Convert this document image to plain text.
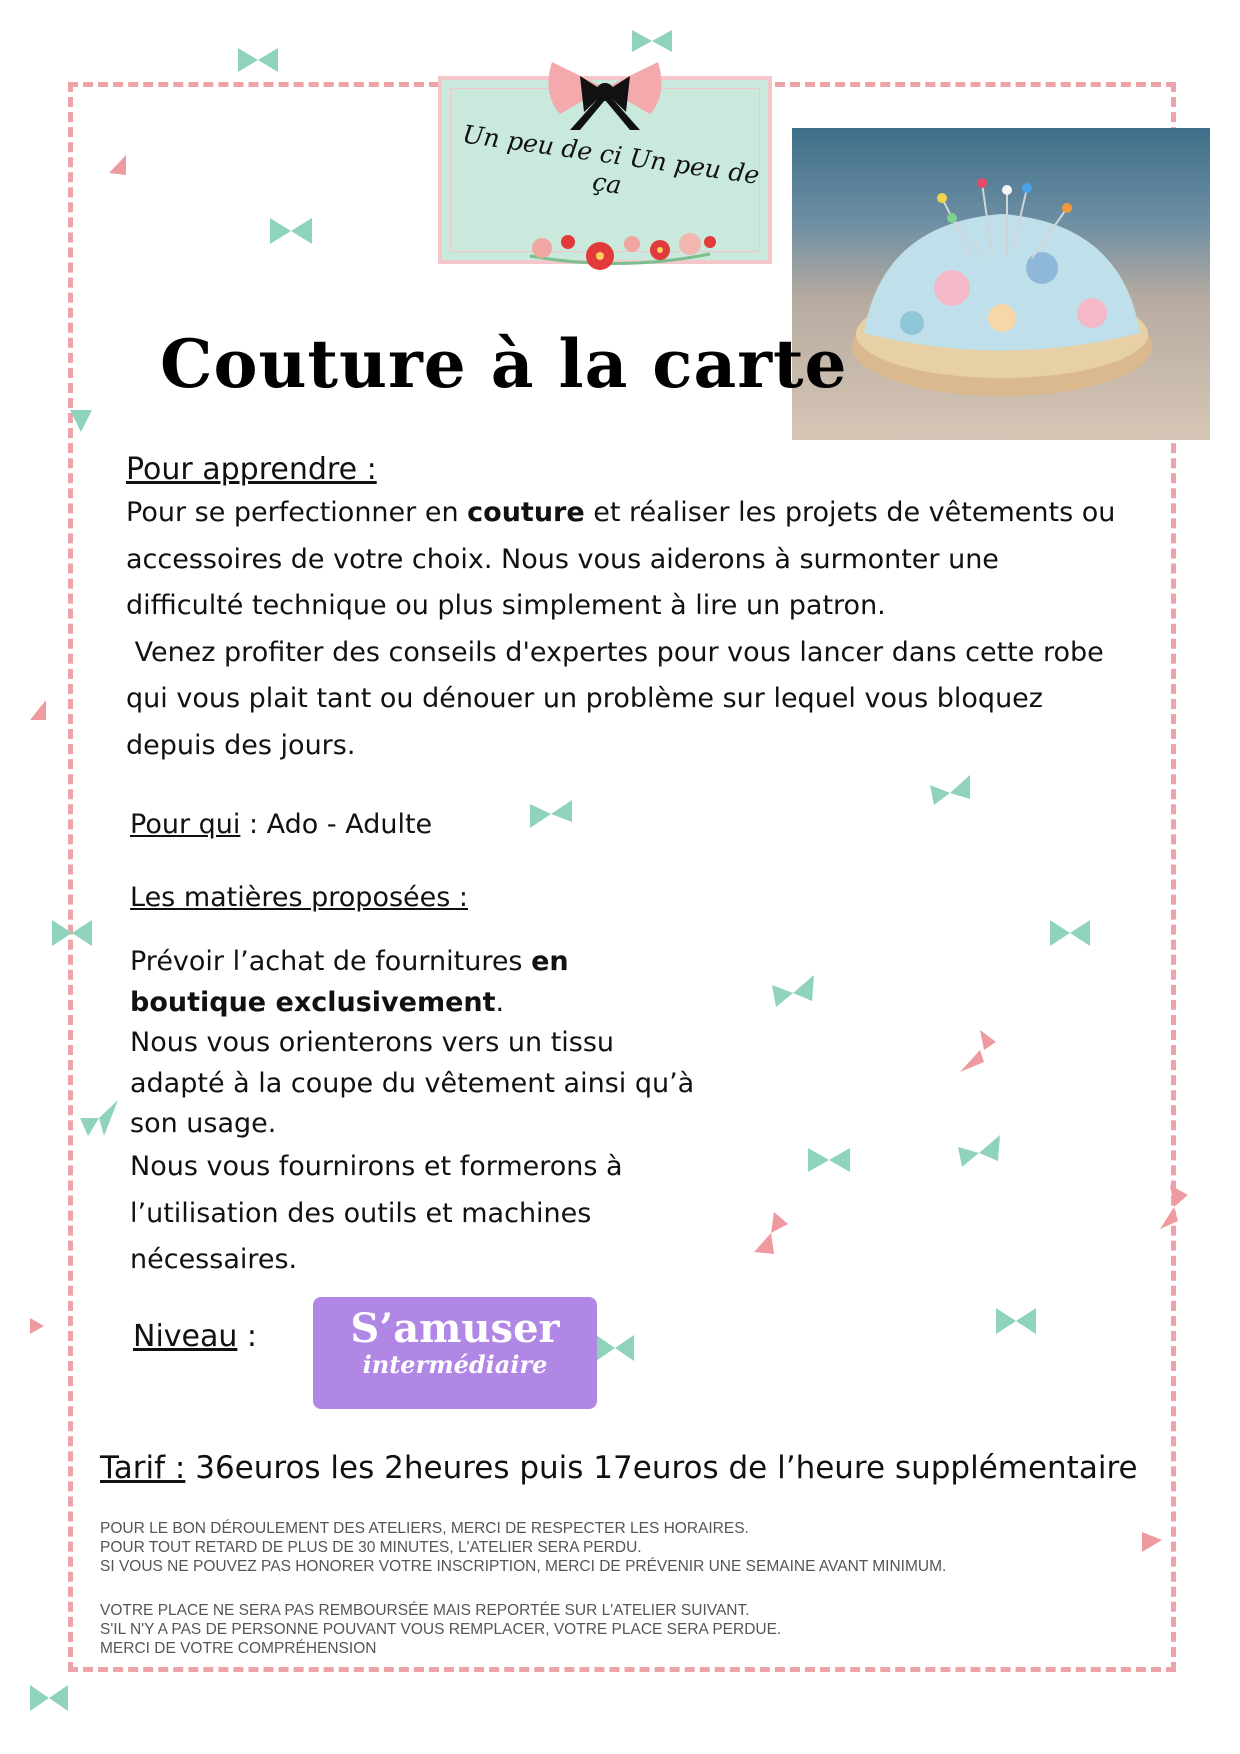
Un peu de ci Un peu de ça
Couture à la carte
Pour apprendre :
Pour se perfectionner en couture et réaliser les projets de vêtements ou
accessoires de votre choix. Nous vous aiderons à surmonter une
difficulté technique ou plus simplement à lire un patron.
Venez profiter des conseils d'expertes pour vous lancer dans cette robe
qui vous plait tant ou dénouer un problème sur lequel vous bloquez
depuis des jours.
Pour qui : Ado - Adulte
Les matières proposées :
Prévoir l’achat de fournitures en
boutique exclusivement.
Nous vous orienterons vers un tissu
adapté à la coupe du vêtement ainsi qu’à
son usage.
Nous vous fournirons et formerons à
l’utilisation des outils et machines
nécessaires.
Niveau :	S’amuser
intermédiaire
Tarif : 36euros les 2heures puis 17euros de l’heure supplémentaire
POUR LE BON DÉROULEMENT DES ATELIERS, MERCI DE RESPECTER LES HORAIRES.
POUR TOUT RETARD DE PLUS DE 30 MINUTES, L'ATELIER SERA PERDU.
SI VOUS NE POUVEZ PAS HONORER VOTRE INSCRIPTION, MERCI DE PRÉVENIR UNE SEMAINE AVANT MINIMUM.
VOTRE PLACE NE SERA PAS REMBOURSÉE MAIS REPORTÉE SUR L'ATELIER SUIVANT.
S'IL N'Y A PAS DE PERSONNE POUVANT VOUS REMPLACER, VOTRE PLACE SERA PERDUE.
MERCI DE VOTRE COMPRÉHENSION
